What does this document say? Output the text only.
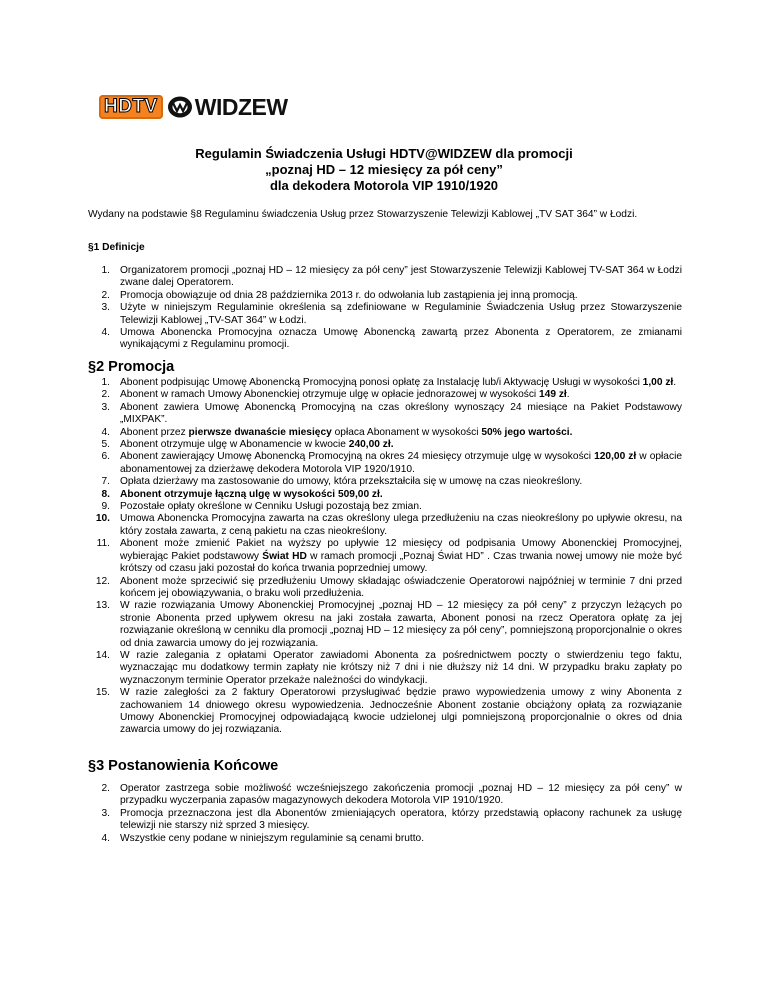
HDTV WIDZEW
Regulamin Świadczenia Usługi HDTV@WIDZEW dla promocji
„poznaj HD – 12 miesięcy za pół ceny”
dla dekodera Motorola VIP 1910/1920
Wydany na podstawie §8 Regulaminu świadczenia Usług przez Stowarzyszenie Telewizji Kablowej „TV SAT 364” w Łodzi.
§1 Definicje
1. Organizatorem promocji „poznaj HD – 12 miesięcy za pół ceny” jest Stowarzyszenie Telewizji Kablowej TV-SAT 364 w Łodzi zwane dalej Operatorem.
2. Promocja obowiązuje od dnia 28 października 2013 r. do odwołania lub zastąpienia jej inną promocją.
3. Użyte w niniejszym Regulaminie określenia są zdefiniowane w Regulaminie Świadczenia Usług przez Stowarzyszenie Telewizji Kablowej „TV-SAT 364” w Łodzi.
4. Umowa Abonencka Promocyjna oznacza Umowę Abonencką zawartą przez Abonenta z Operatorem, ze zmianami wynikającymi z Regulaminu promocji.
§2 Promocja
1. Abonent podpisując Umowę Abonencką Promocyjną ponosi opłatę za Instalację lub/i Aktywację Usługi w wysokości 1,00 zł.
2. Abonent w ramach Umowy Abonenckiej otrzymuje ulgę w opłacie jednorazowej w wysokości 149 zł.
3. Abonent zawiera Umowę Abonencką Promocyjną na czas określony wynoszący 24 miesiące na Pakiet Podstawowy „MIXPAK”.
4. Abonent przez pierwsze dwanaście miesięcy opłaca Abonament w wysokości 50% jego wartości.
5. Abonent otrzymuje ulgę w Abonamencie w kwocie 240,00 zł.
6. Abonent zawierający Umowę Abonencką Promocyjną na okres 24 miesięcy otrzymuje ulgę w wysokości 120,00 zł w opłacie abonamentowej za dzierżawę dekodera Motorola VIP 1920/1910.
7. Opłata dzierżawy ma zastosowanie do umowy, która przekształciła się w umowę na czas nieokreślony.
8. Abonent otrzymuje łączną ulgę w wysokości 509,00 zł.
9. Pozostałe opłaty określone w Cenniku Usługi pozostają bez zmian.
10. Umowa Abonencka Promocyjna zawarta na czas określony ulega przedłużeniu na czas nieokreślony po upływie okresu, na który została zawarta, z ceną pakietu na czas nieokreślony.
11. Abonent może zmienić Pakiet na wyższy po upływie 12 miesięcy od podpisania Umowy Abonenckiej Promocyjnej, wybierając Pakiet podstawowy Świat HD w ramach promocji „Poznaj Świat HD” . Czas trwania nowej umowy nie może być krótszy od czasu jaki pozostał do końca trwania poprzedniej umowy.
12. Abonent może sprzeciwić się przedłużeniu Umowy składając oświadczenie Operatorowi najpóźniej w terminie 7 dni przed końcem jej obowiązywania, o braku woli przedłużenia.
13. W razie rozwiązania Umowy Abonenckiej Promocyjnej „poznaj HD – 12 miesięcy za pół ceny” z przyczyn leżących po stronie Abonenta przed upływem okresu na jaki została zawarta, Abonent ponosi na rzecz Operatora opłatę za jej rozwiązanie określoną w cenniku dla promocji „poznaj HD – 12 miesięcy za pół ceny”, pomniejszoną proporcjonalnie o okres od dnia zawarcia umowy do jej rozwiązania.
14. W razie zalegania z opłatami Operator zawiadomi Abonenta za pośrednictwem poczty o stwierdzeniu tego faktu, wyznaczając mu dodatkowy termin zapłaty nie krótszy niż 7 dni i nie dłuższy niż 14 dni. W przypadku braku zapłaty po wyznaczonym terminie Operator przekaże należności do windykacji.
15. W razie zaległości za 2 faktury Operatorowi przysługiwać będzie prawo wypowiedzenia umowy z winy Abonenta z zachowaniem 14 dniowego okresu wypowiedzenia. Jednocześnie Abonent zostanie obciążony opłatą za rozwiązanie Umowy Abonenckiej Promocyjnej odpowiadającą kwocie udzielonej ulgi pomniejszoną proporcjonalnie o okres od dnia zawarcia umowy do jej rozwiązania.
§3 Postanowienia Końcowe
2. Operator zastrzega sobie możliwość wcześniejszego zakończenia promocji „poznaj HD – 12 miesięcy za pół ceny” w przypadku wyczerpania zapasów magazynowych dekodera Motorola VIP 1910/1920.
3. Promocja przeznaczona jest dla Abonentów zmieniających operatora, którzy przedstawią opłacony rachunek za usługę telewizji nie starszy niż sprzed 3 miesięcy.
4. Wszystkie ceny podane w niniejszym regulaminie są cenami brutto.
